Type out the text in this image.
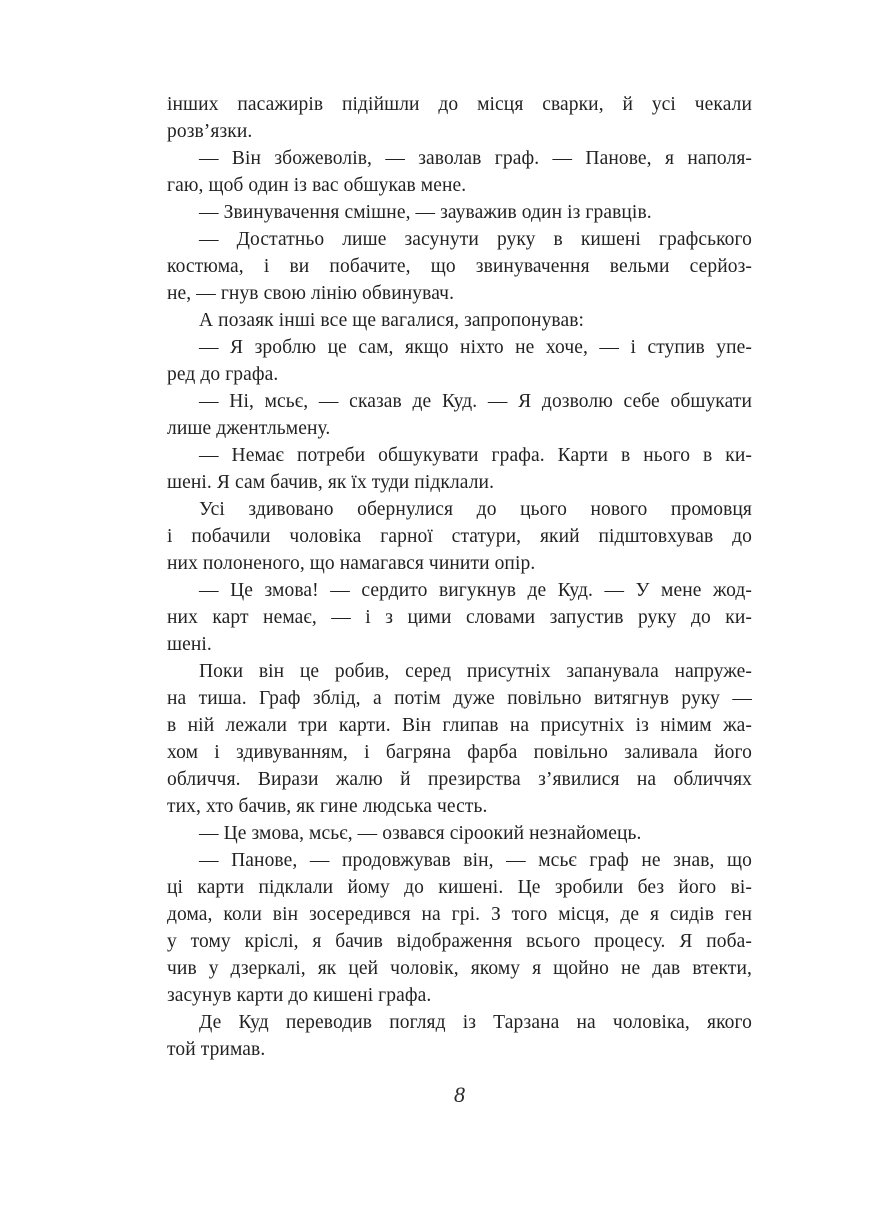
інших пасажирів підійшли до місця сварки, й усі чекали
розв’язки.
— Він збожеволів, — заволав граф. — Панове, я наполя-
гаю, щоб один із вас обшукав мене.
— Звинувачення смішне, — зауважив один із гравців.
— Достатньо лише засунути руку в кишені графського
костюма, і ви побачите, що звинувачення вельми серйоз-
не, — гнув свою лінію обвинувач.
А позаяк інші все ще вагалися, запропонував:
— Я зроблю це сам, якщо ніхто не хоче, — і ступив упе-
ред до графа.
— Ні, мсьє, — сказав де Куд. — Я дозволю себе обшукати
лише джентльмену.
— Немає потреби обшукувати графа. Карти в нього в ки-
шені. Я сам бачив, як їх туди підклали.
Усі здивовано обернулися до цього нового промовця
і побачили чоловіка гарної статури, який підштовхував до
них полоненого, що намагався чинити опір.
— Це змова! — сердито вигукнув де Куд. — У мене жод-
них карт немає, — і з цими словами запустив руку до ки-
шені.
Поки він це робив, серед присутніх запанувала напруже-
на тиша. Граф зблід, а потім дуже повільно витягнув руку —
в ній лежали три карти. Він глипав на присутніх із німим жа-
хом і здивуванням, і багряна фарба повільно заливала його
обличчя. Вирази жалю й презирства з’явилися на обличчях
тих, хто бачив, як гине людська честь.
— Це змова, мсьє, — озвався сіроокий незнайомець.
— Панове, — продовжував він, — мсьє граф не знав, що
ці карти підклали йому до кишені. Це зробили без його ві-
дома, коли він зосередився на грі. З того місця, де я сидів ген
у тому кріслі, я бачив відображення всього процесу. Я поба-
чив у дзеркалі, як цей чоловік, якому я щойно не дав втекти,
засунув карти до кишені графа.
Де Куд переводив погляд із Тарзана на чоловіка, якого
той тримав.
8
